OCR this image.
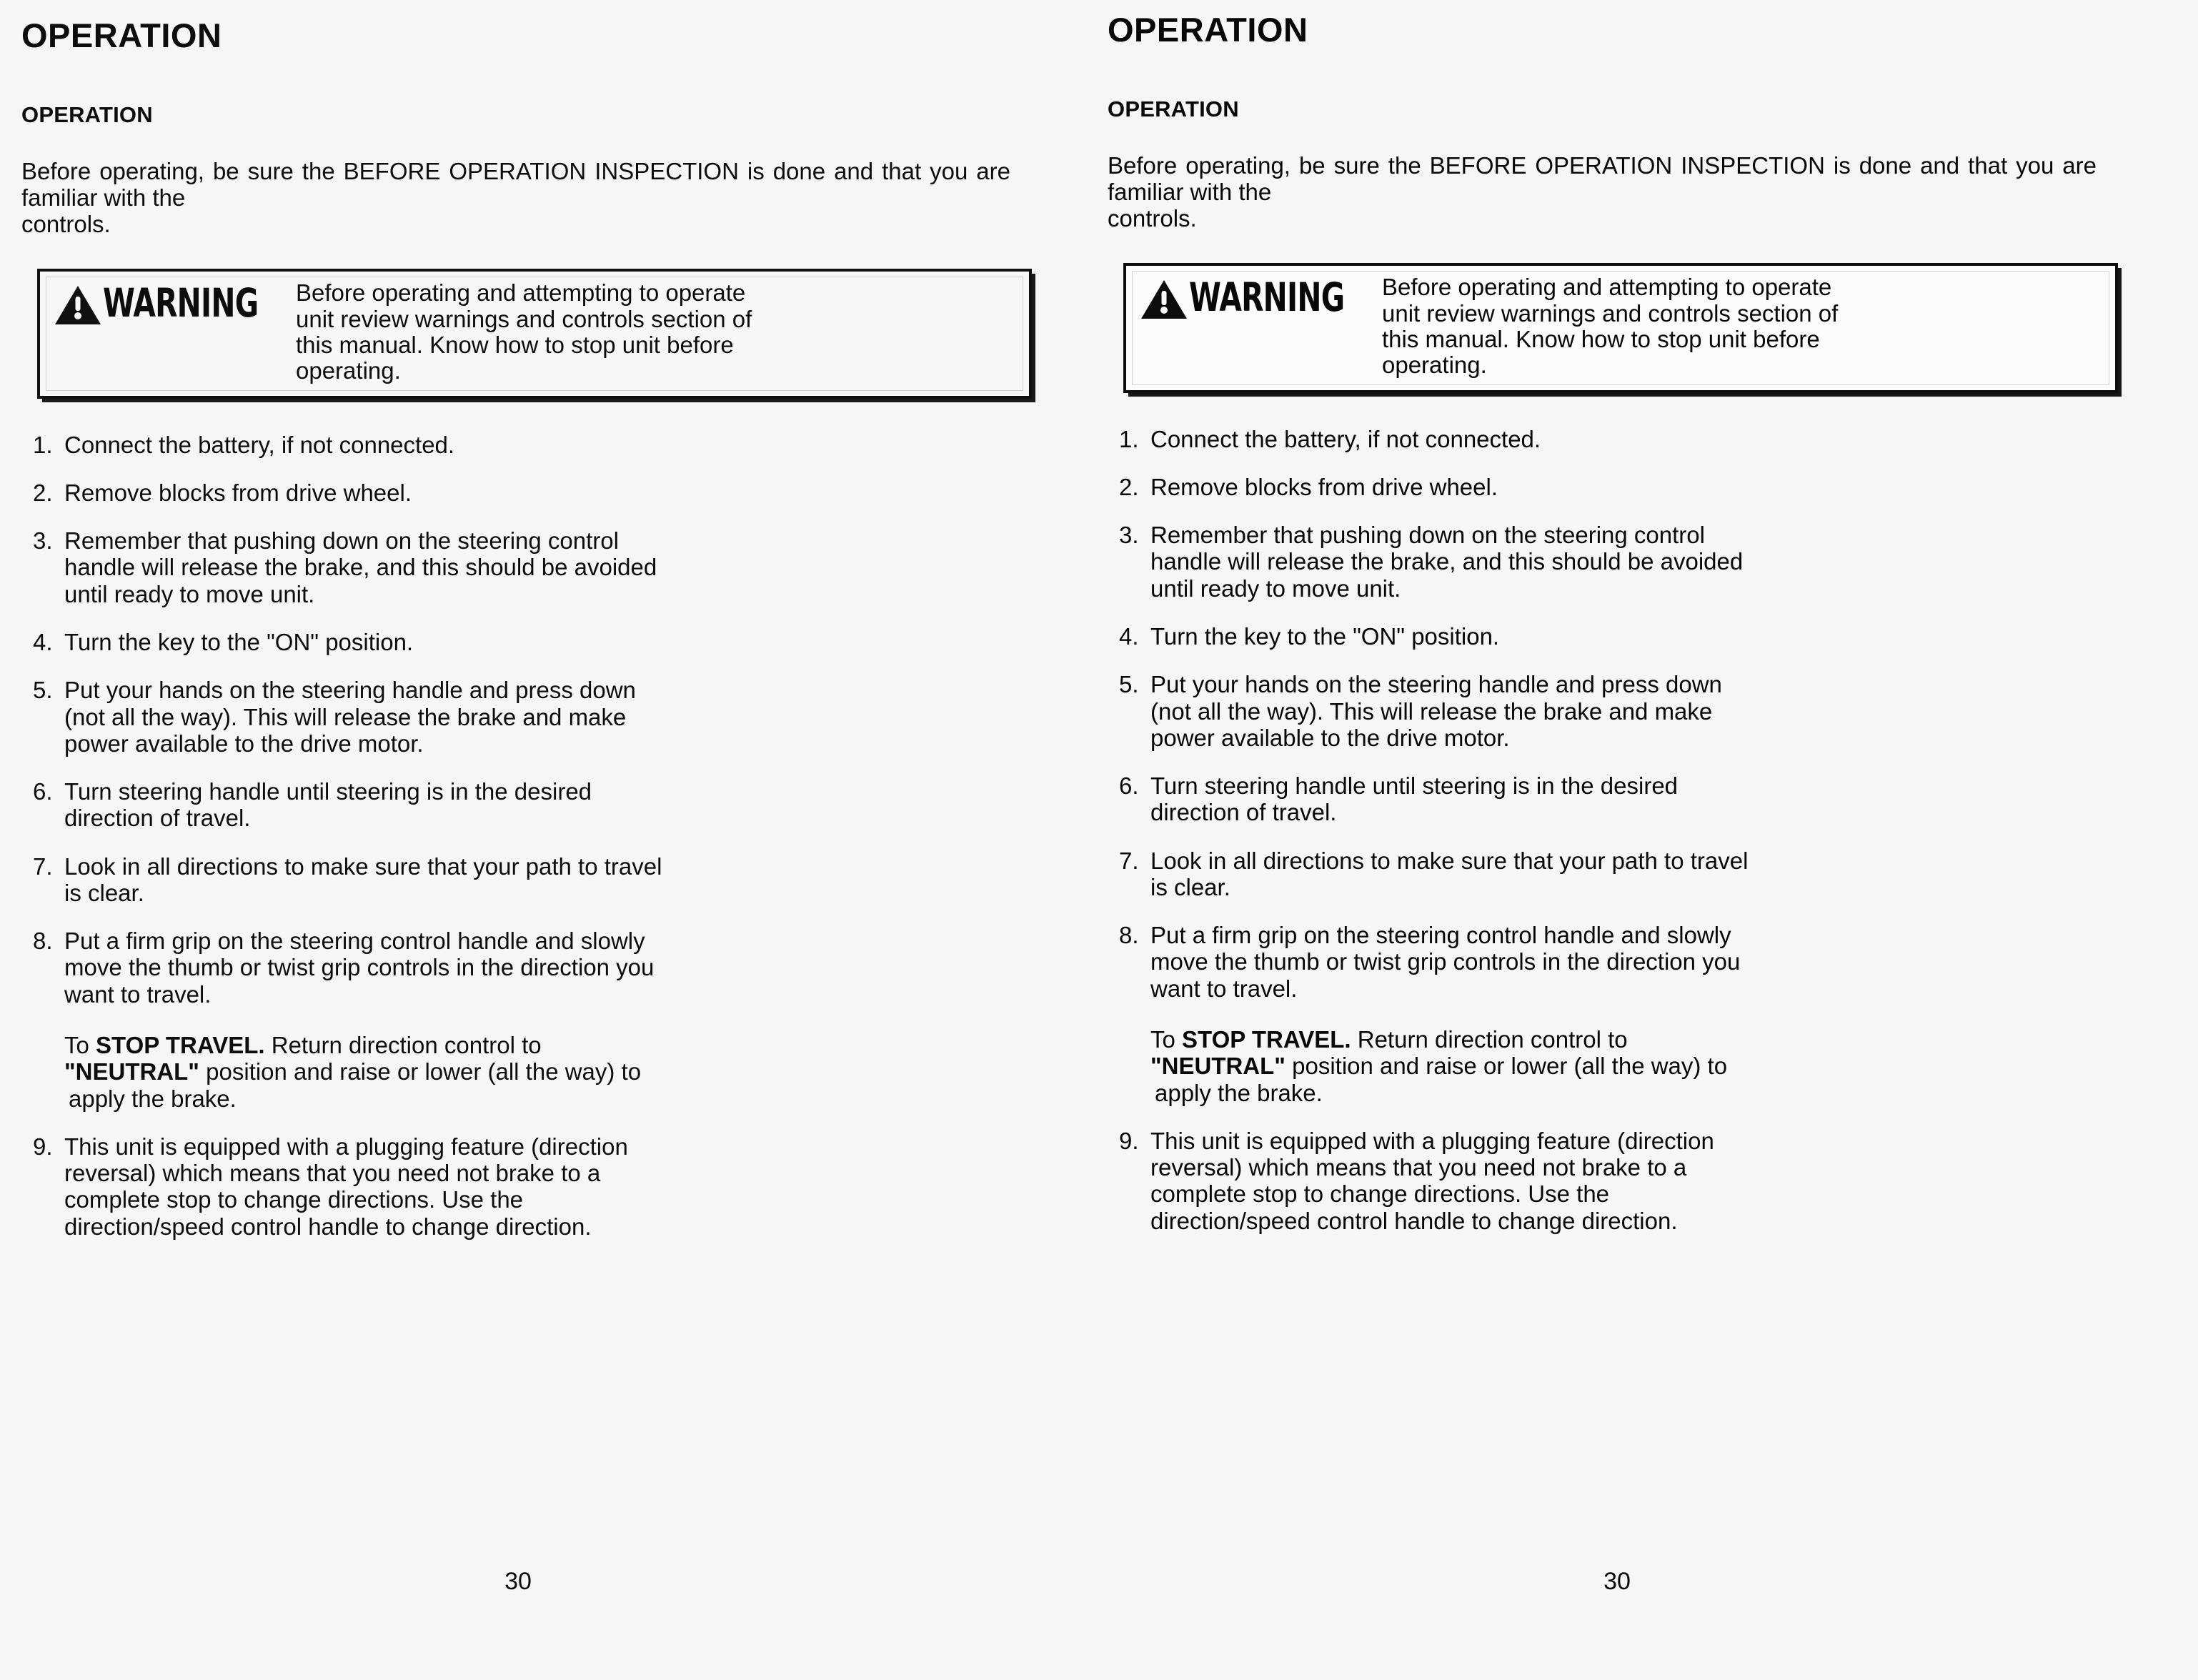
OPERATION
OPERATION
Before operating, be sure the BEFORE OPERATION INSPECTION is done and that you are familiar with the
controls.
WARNING Before operating and attempting to operate
unit review warnings and controls section of
this manual. Know how to stop unit before
operating.
1. Connect the battery, if not connected.
2. Remove blocks from drive wheel.
3. Remember that pushing down on the steering control
handle will release the brake, and this should be avoided
until ready to move unit.
4. Turn the key to the "ON" position.
5. Put your hands on the steering handle and press down
(not all the way). This will release the brake and make
power available to the drive motor.
6. Turn steering handle until steering is in the desired
direction of travel.
7. Look in all directions to make sure that your path to travel
is clear.
8. Put a firm grip on the steering control handle and slowly
move the thumb or twist grip controls in the direction you
want to travel.
To STOP TRAVEL. Return direction control to
"NEUTRAL" position and raise or lower (all the way) to
apply the brake.
9. This unit is equipped with a plugging feature (direction
reversal) which means that you need not brake to a
complete stop to change directions. Use the
direction/speed control handle to change direction.
30
OPERATION
OPERATION
Before operating, be sure the BEFORE OPERATION INSPECTION is done and that you are familiar with the
controls.
WARNING Before operating and attempting to operate
unit review warnings and controls section of
this manual. Know how to stop unit before
operating.
1. Connect the battery, if not connected.
2. Remove blocks from drive wheel.
3. Remember that pushing down on the steering control
handle will release the brake, and this should be avoided
until ready to move unit.
4. Turn the key to the "ON" position.
5. Put your hands on the steering handle and press down
(not all the way). This will release the brake and make
power available to the drive motor.
6. Turn steering handle until steering is in the desired
direction of travel.
7. Look in all directions to make sure that your path to travel
is clear.
8. Put a firm grip on the steering control handle and slowly
move the thumb or twist grip controls in the direction you
want to travel.
To STOP TRAVEL. Return direction control to
"NEUTRAL" position and raise or lower (all the way) to
apply the brake.
9. This unit is equipped with a plugging feature (direction
reversal) which means that you need not brake to a
complete stop to change directions. Use the
direction/speed control handle to change direction.
30
